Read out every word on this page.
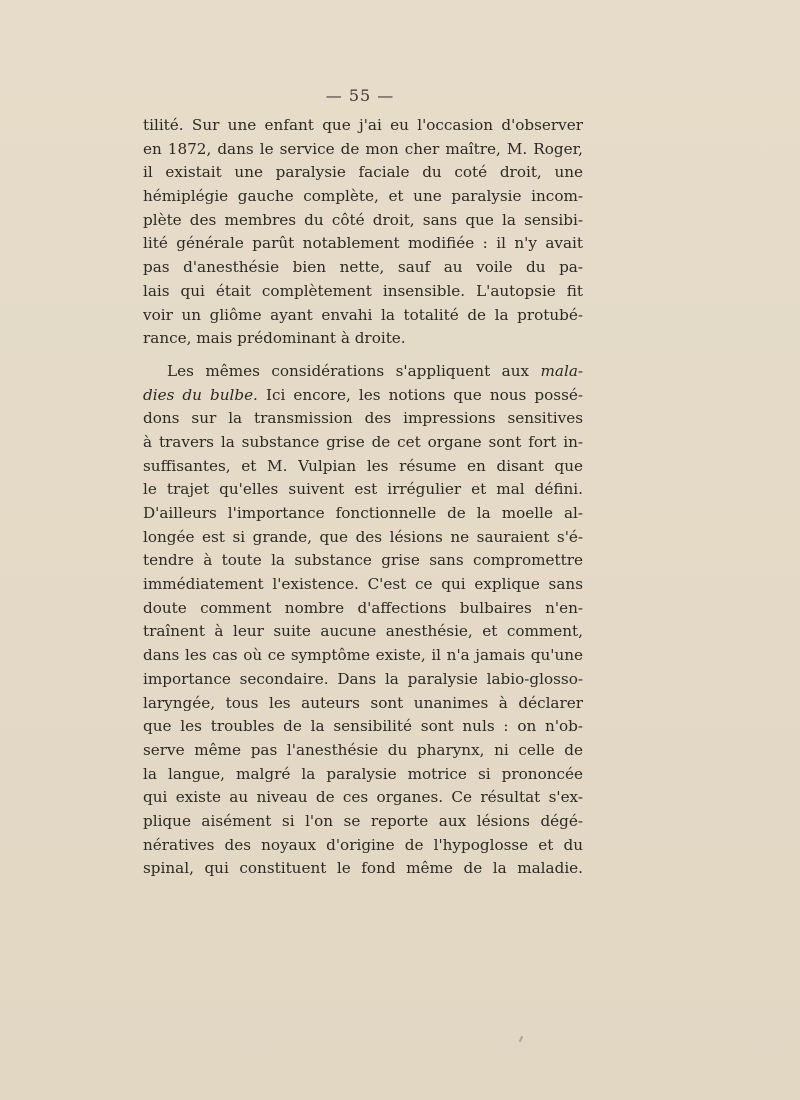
— 55 —
tilité. Sur une enfant que j'ai eu l'occasion d'observer
en 1872, dans le service de mon cher maître, M. Roger,
il existait une paralysie faciale du coté droit, une
hémiplégie gauche complète, et une paralysie incom-
plète des membres du côté droit, sans que la sensibi-
lité générale parût notablement modifiée : il n'y avait
pas d'anesthésie bien nette, sauf au voile du pa-
lais qui était complètement insensible. L'autopsie fit
voir un gliôme ayant envahi la totalité de la protubé-
rance, mais prédominant à droite.
Les mêmes considérations s'appliquent aux mala-
dies du bulbe. Ici encore, les notions que nous possé-
dons sur la transmission des impressions sensitives
à travers la substance grise de cet organe sont fort in-
suffisantes, et M. Vulpian les résume en disant que
le trajet qu'elles suivent est irrégulier et mal défini.
D'ailleurs l'importance fonctionnelle de la moelle al-
longée est si grande, que des lésions ne sauraient s'é-
tendre à toute la substance grise sans compromettre
immédiatement l'existence. C'est ce qui explique sans
doute comment nombre d'affections bulbaires n'en-
traînent à leur suite aucune anesthésie, et comment,
dans les cas où ce symptôme existe, il n'a jamais qu'une
importance secondaire. Dans la paralysie labio-glosso-
laryngée, tous les auteurs sont unanimes à déclarer
que les troubles de la sensibilité sont nuls : on n'ob-
serve même pas l'anesthésie du pharynx, ni celle de
la langue, malgré la paralysie motrice si prononcée
qui existe au niveau de ces organes. Ce résultat s'ex-
plique aisément si l'on se reporte aux lésions dégé-
nératives des noyaux d'origine de l'hypoglosse et du
spinal, qui constituent le fond même de la maladie.
